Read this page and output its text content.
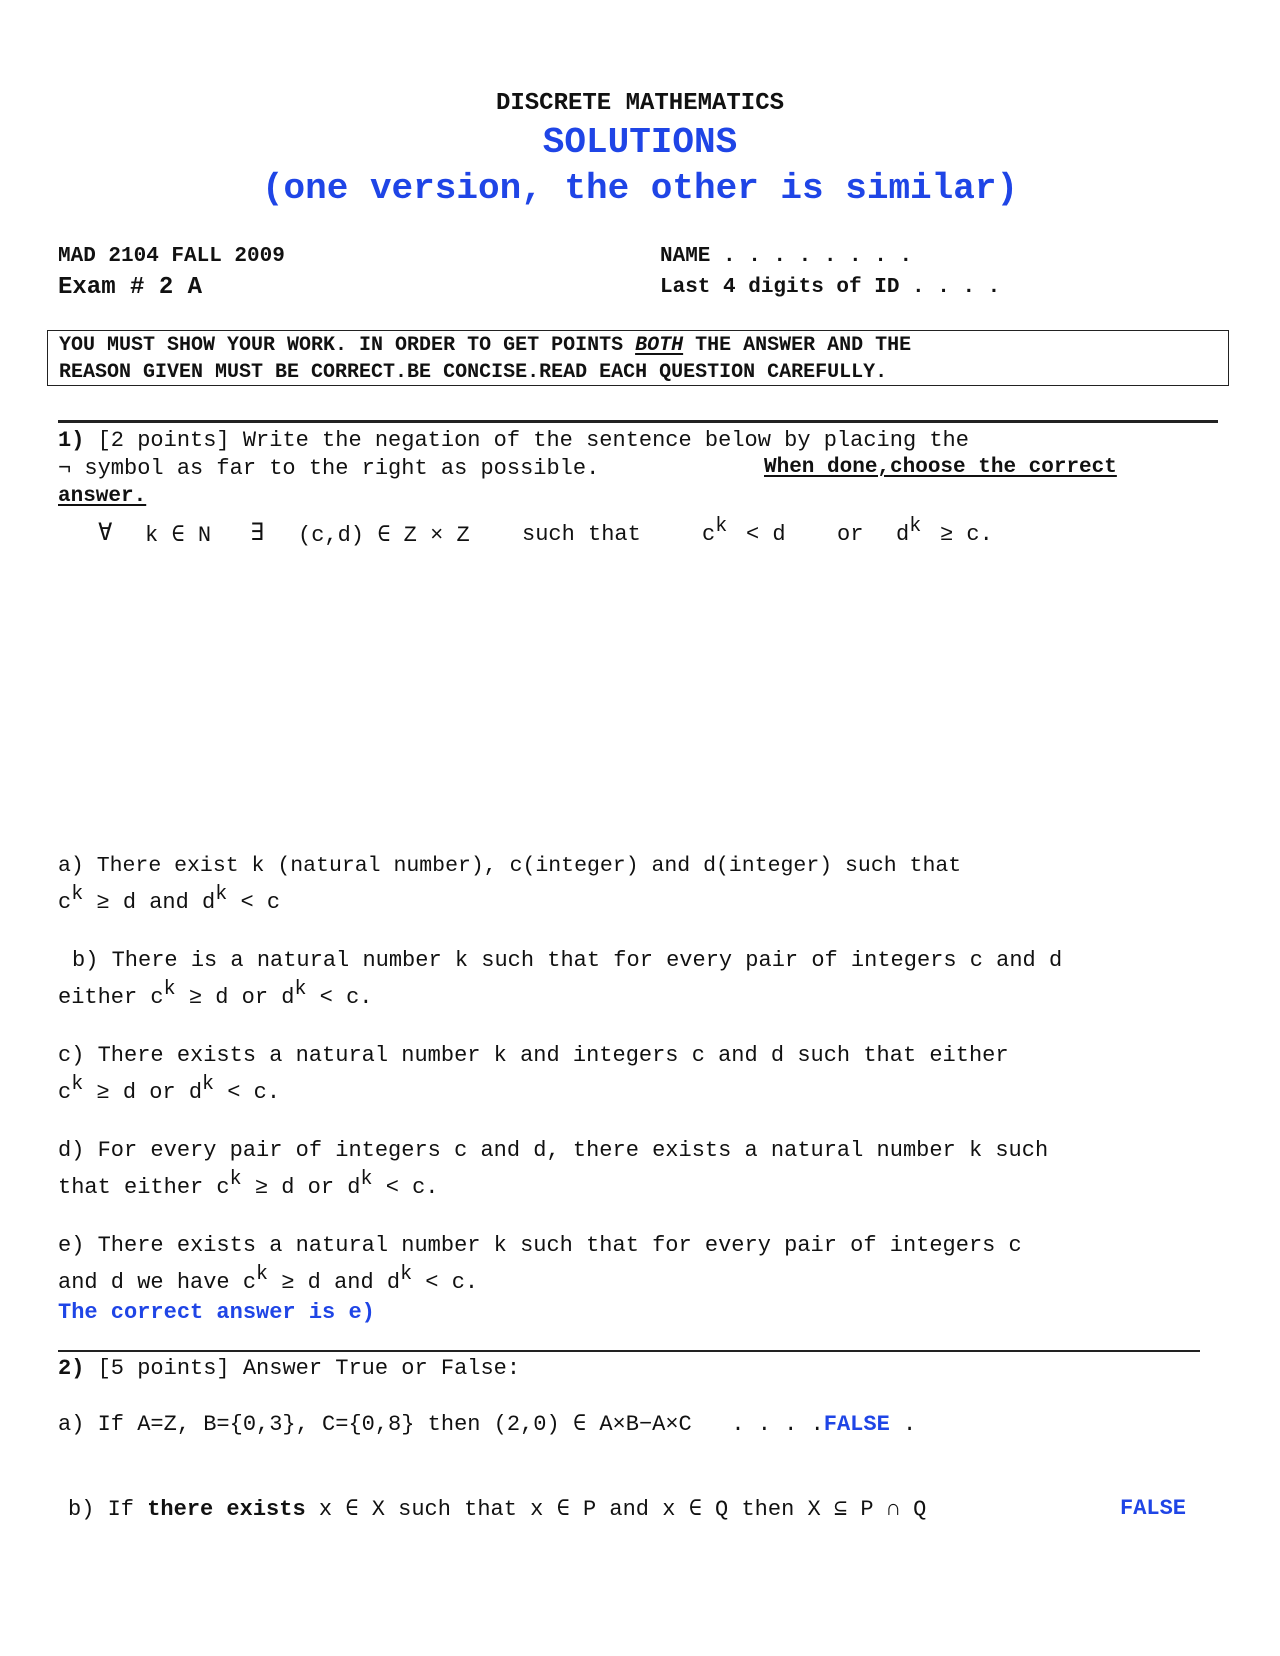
DISCRETE MATHEMATICS
SOLUTIONS
(one version, the other is similar)
MAD 2104 FALL 2009
Exam # 2 A
NAME . . . . . . . .
Last 4 digits of ID . . . .
YOU MUST SHOW YOUR WORK. IN ORDER TO GET POINTS BOTH THE ANSWER AND THE
REASON GIVEN MUST BE CORRECT.BE CONCISE.READ EACH QUESTION CAREFULLY.
1) [2 points] Write the negation of the sentence below by placing the
¬ symbol as far to the right as possible.	When done,choose the correct
answer.
∀ k ∈ N ∃ (c,d) ∈ Z × Z such that	$c^k < d$ or $d^k \ge c$.
a) There exist k (natural number), c(integer) and d(integer) such that
$c^k \ge d$ and $d^k < c$
b) There is a natural number k such that for every pair of integers c and d
either $c^k \ge d$ or $d^k < c$.
c) There exists a natural number k and integers c and d such that either
$c^k \ge d$ or $d^k < c$.
d) For every pair of integers c and d, there exists a natural number k such
that either $c^k \ge d$ or $d^k < c$.
e) There exists a natural number k such that for every pair of integers c
and d we have $c^k \ge d$ and $d^k < c$.
The correct answer is e)
2) [5 points] Answer True or False:
a) If A=Z, B={0,3}, C={0,8} then (2,0) ∈ A×B−A×C   . . . .FALSE .
b) If there exists x ∈ X such that x ∈ P and x ∈ Q then X ⊆ P ∩ Q	FALSE
